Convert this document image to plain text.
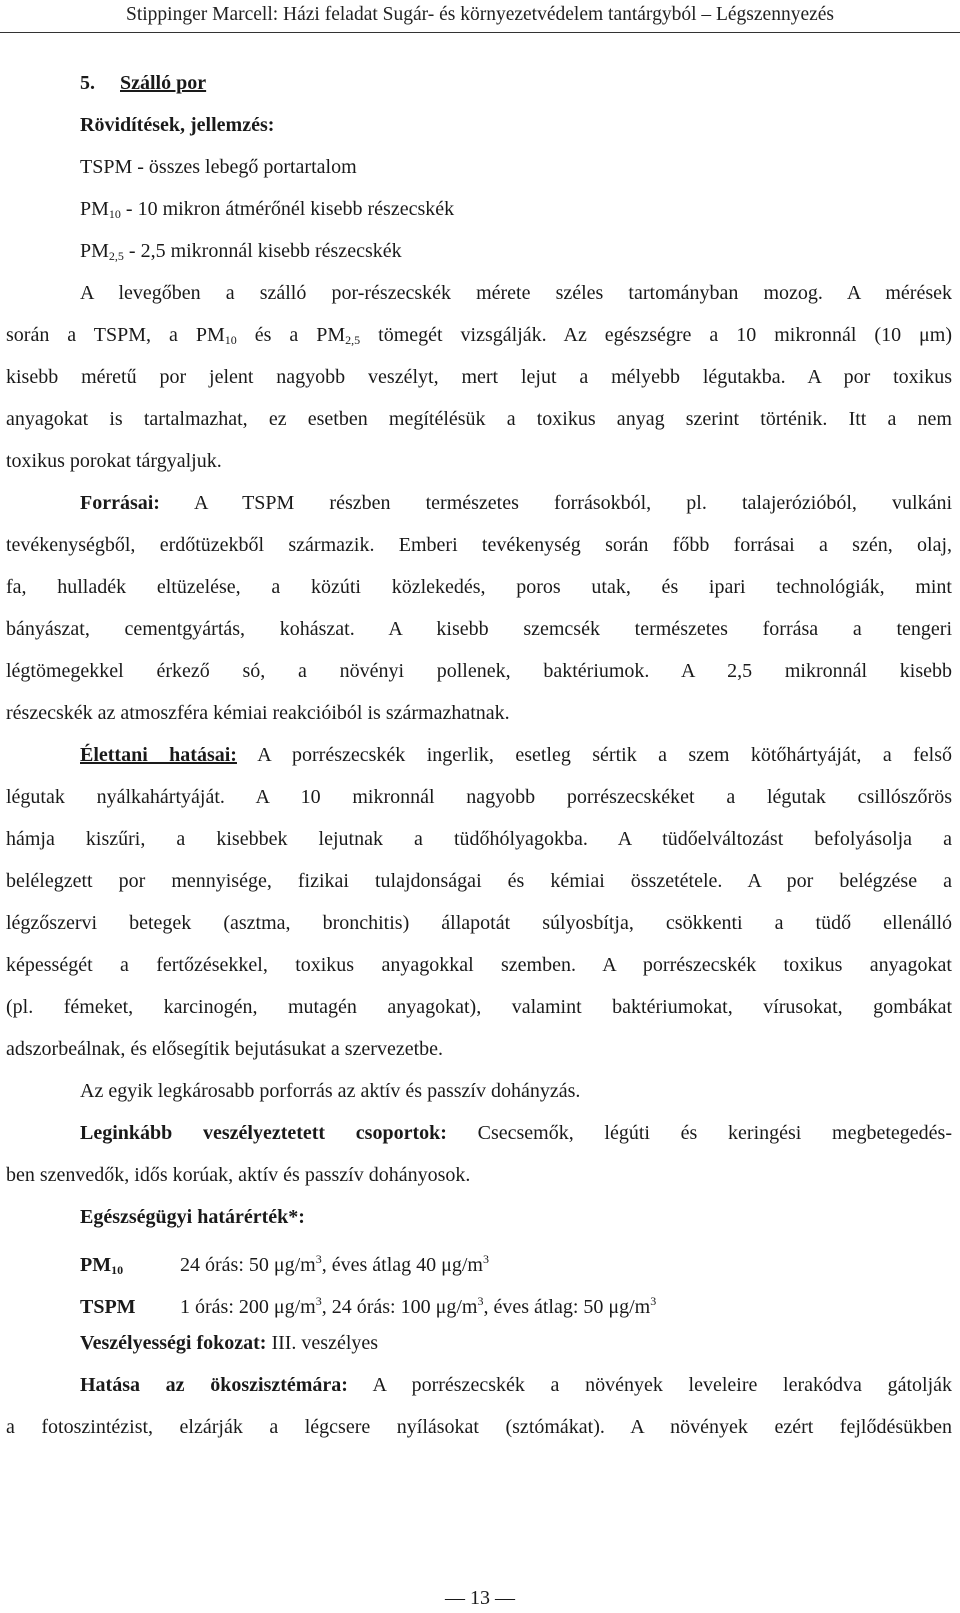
Stippinger Marcell: Házi feladat Sugár- és környezetvédelem tantárgyból – Légszennyezés
5. Szálló por
Rövidítések, jellemzés:
TSPM - összes lebegő portartalom
$PM_{10} - 10$ mikron átmérőnél kisebb részecskék
$PM_{2,5} - 2,5$ mikronnál kisebb részecskék
A levegőben a szálló por-részecskék mérete széles tartományban mozog. A mérések
során a TSPM, a $PM_{10}$ és a $PM_{2,5}$ tömegét vizsgálják. Az egészségre a 10 mikronnál (10 μm)
kisebb méretű por jelent nagyobb veszélyt, mert lejut a mélyebb légutakba. A por toxikus
anyagokat is tartalmazhat, ez esetben megítélésük a toxikus anyag szerint történik. Itt a nem
toxikus porokat tárgyaljuk.
Forrásai: A TSPM részben természetes forrásokból, pl. talajerózióból, vulkáni
tevékenységből, erdőtüzekből származik. Emberi tevékenység során főbb forrásai a szén, olaj,
fa, hulladék eltüzelése, a közúti közlekedés, poros utak, és ipari technológiák, mint
bányászat, cementgyártás, kohászat. A kisebb szemcsék természetes forrása a tengeri
légtömegekkel érkező só, a növényi pollenek, baktériumok. A 2,5 mikronnál kisebb
részecskék az atmoszféra kémiai reakcióiból is származhatnak.
Élettani hatásai: A porrészecskék ingerlik, esetleg sértik a szem kötőhártyáját, a felső
légutak nyálkahártyáját. A 10 mikronnál nagyobb porrészecskéket a légutak csillószőrös
hámja kiszűri, a kisebbek lejutnak a tüdőhólyagokba. A tüdőelváltozást befolyásolja a
belélegzett por mennyisége, fizikai tulajdonságai és kémiai összetétele. A por belégzése a
légzőszervi betegek (asztma, bronchitis) állapotát súlyosbítja, csökkenti a tüdő ellenálló
képességét a fertőzésekkel, toxikus anyagokkal szemben. A porrészecskék toxikus anyagokat
(pl. fémeket, karcinogén, mutagén anyagokat), valamint baktériumokat, vírusokat, gombákat
adszorbeálnak, és elősegítik bejutásukat a szervezetbe.
Az egyik legkárosabb porforrás az aktív és passzív dohányzás.
Leginkább veszélyeztetett csoportok: Csecsemők, légúti és keringési megbetegedés-
ben szenvedők, idős korúak, aktív és passzív dohányosok.
Egészségügyi határérték*:
$PM_{10}$	24 órás: 50 $\mu g/m^3$, éves átlag 40 $\mu g/m^3$
TSPM 1 órás: 200 $\mu g/m^3$, 24 órás: 100 $\mu g/m^3$, éves átlag: 50 $\mu g/m^3$
Veszélyességi fokozat: III. veszélyes
Hatása az ökoszisztémára: A porrészecskék a növények leveleire lerakódva gátolják
a fotoszintézist, elzárják a légcsere nyílásokat (sztómákat). A növények ezért fejlődésükben
— 13 —
